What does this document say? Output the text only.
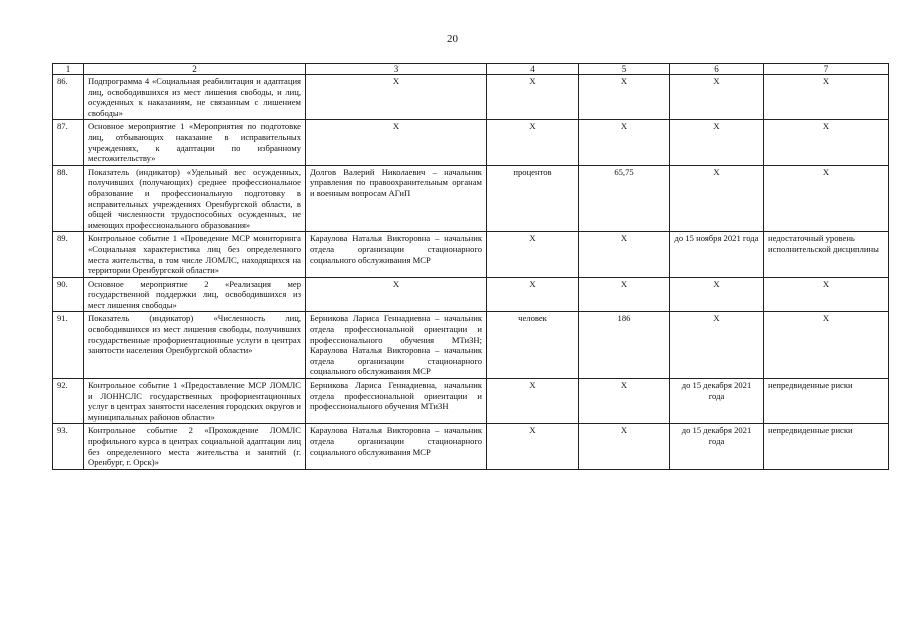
20
1	2	3	4	5	6	7
86.	Подпрограмма 4 «Социальная реабилитация и адаптация лиц, освободившихся из мест лишения свободы, и лиц, осужденных к наказаниям, не связанным с лишением свободы»	Х	Х	Х	Х	Х
87.	Основное мероприятие 1 «Мероприятия по подготовке лиц, отбывающих наказание в исправительных учреждениях, к адаптации по избранному местожительству»	Х	Х	Х	Х	Х
88.	Показатель (индикатор) «Удельный вес осужденных, получивших (получающих) среднее профессиональное образование и профессиональную подготовку в исправительных учреждениях Оренбургской области, в общей численности трудоспособных осужденных, не имеющих профессионального образования»	Долгов Валерий Николаевич – начальник управления по правоохранительным органам и военным вопросам АГиП	процентов	65,75	Х	Х
89.	Контрольное событие 1 «Проведение МСР мониторинга «Социальная характеристика лиц без определенного места жительства, в том числе ЛОМЛС, находящихся на территории Оренбургской области»	Караулова Наталья Викторовна – начальник отдела организации стационарного социального обслуживания МСР	Х	Х	до 15 ноября 2021 года	недостаточный уровень исполнительской дисциплины
90.	Основное мероприятие 2 «Реализация мер государственной поддержки лиц, освободившихся из мест лишения свободы»	Х	Х	Х	Х	Х
91.	Показатель (индикатор) «Численность лиц, освободившихся из мест лишения свободы, получивших государственные профориентационные услуги в центрах занятости населения Оренбургской области»	Берникова Лариса Геннадиевна – начальник отдела профессиональной ориентации и профессионального обучения МТиЗН; Караулова Наталья Викторовна – начальник отдела организации стационарного социального обслуживания МСР	человек	186	Х	Х
92.	Контрольное событие 1 «Предоставление МСР ЛОМЛС и ЛОННСЛС государственных профориентационных услуг в центрах занятости населения городских округов и муниципальных районов области»	Берникова Лариса Геннадиевна, начальник отдела профессиональной ориентации и профессионального обучения МТиЗН	Х	Х	до 15 декабря 2021 года	непредвиденные риски
93.	Контрольное событие 2 «Прохождение ЛОМЛС профильного курса в центрах социальной адаптации лиц без определенного места жительства и занятий (г. Оренбург, г. Орск)»	Караулова Наталья Викторовна – начальник отдела организации стационарного социального обслуживания МСР	Х	Х	до 15 декабря 2021 года	непредвиденные риски
